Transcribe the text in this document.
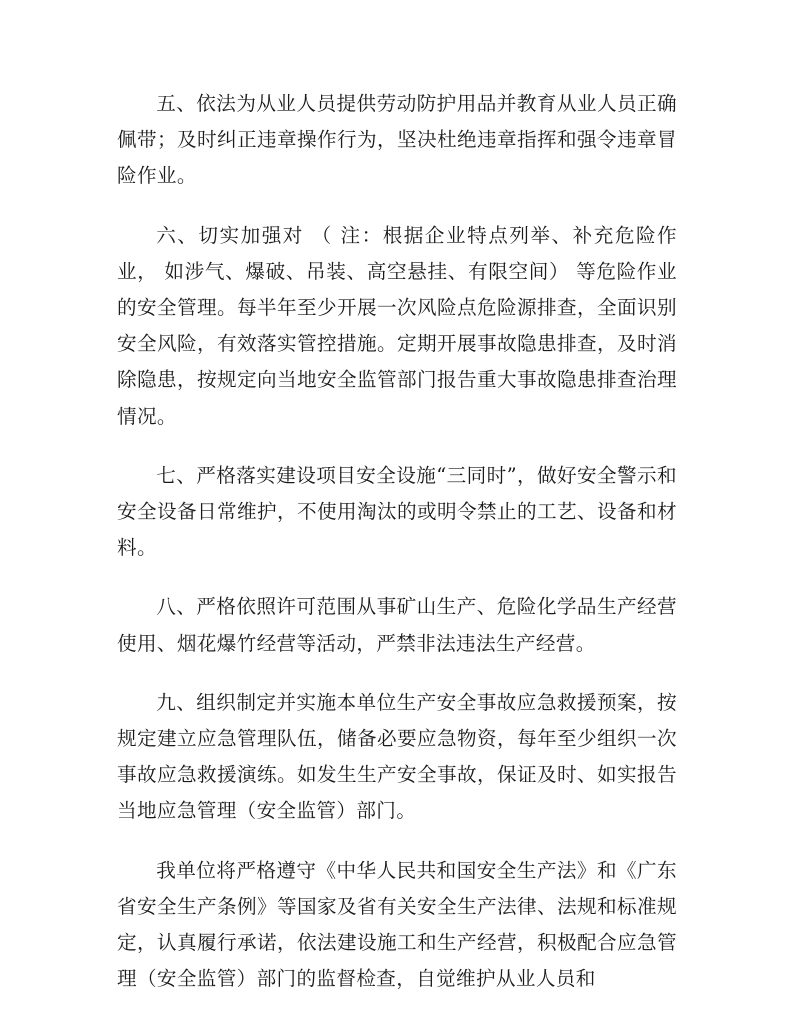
五、依法为从业人员提供劳动防护用品并教育从业人员正确佩带；及时纠正违章操作行为，坚决杜绝违章指挥和强令违章冒险作业。

六、切实加强对 （ 注：根据企业特点列举、补充危险作业， 如涉气、爆破、吊装、高空悬挂、有限空间） 等危险作业的安全管理。每半年至少开展一次风险点危险源排查，全面识别安全风险，有效落实管控措施。定期开展事故隐患排查，及时消除隐患，按规定向当地安全监管部门报告重大事故隐患排查治理情况。

七、严格落实建设项目安全设施“三同时”，做好安全警示和安全设备日常维护，不使用淘汰的或明令禁止的工艺、设备和材料。

八、严格依照许可范围从事矿山生产、危险化学品生产经营使用、烟花爆竹经营等活动，严禁非法违法生产经营。

九、组织制定并实施本单位生产安全事故应急救援预案，按规定建立应急管理队伍，储备必要应急物资，每年至少组织一次事故应急救援演练。如发生生产安全事故，保证及时、如实报告当地应急管理（安全监管）部门。

我单位将严格遵守《中华人民共和国安全生产法》和《广东省安全生产条例》等国家及省有关安全生产法律、法规和标准规定，认真履行承诺，依法建设施工和生产经营，积极配合应急管理（安全监管）部门的监督检查，自觉维护从业人员和
